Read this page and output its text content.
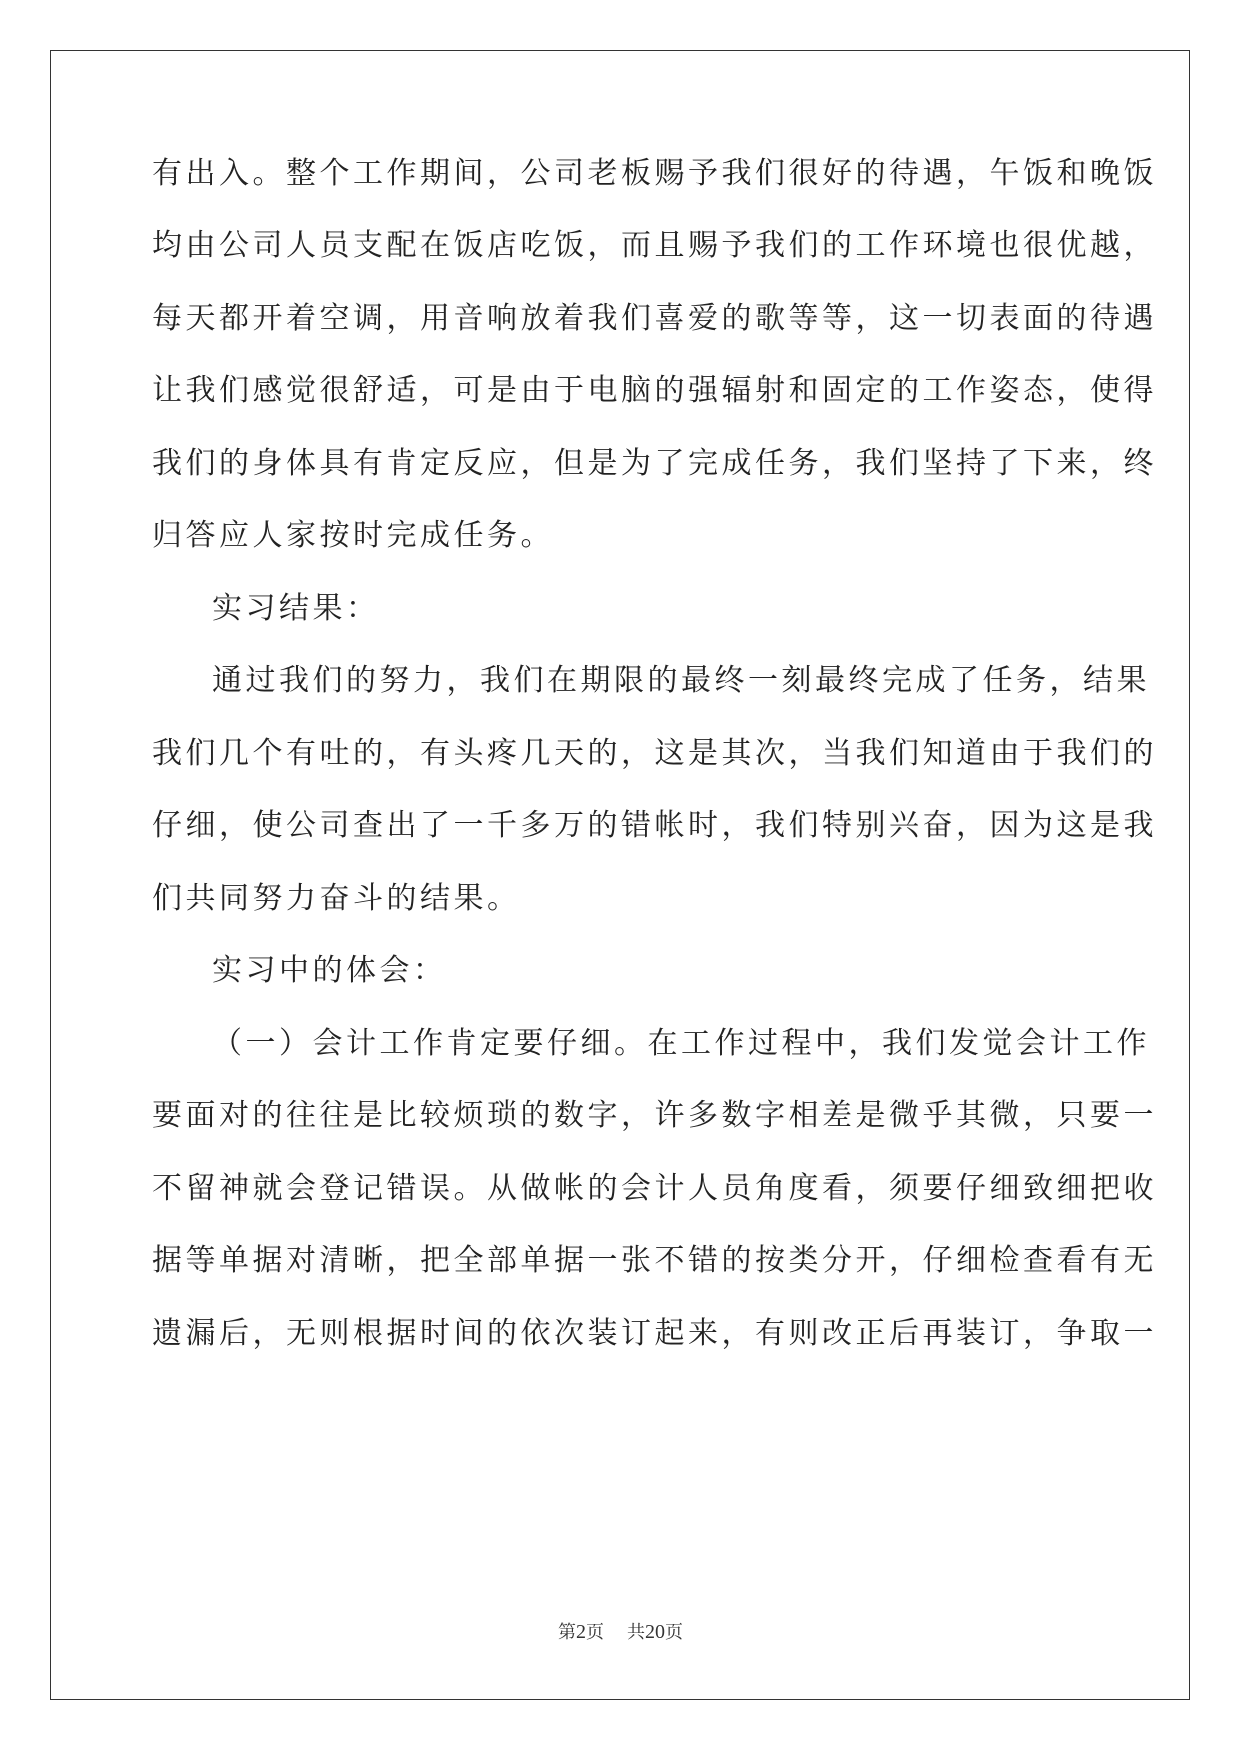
有出入。整个工作期间，公司老板赐予我们很好的待遇，午饭和晚饭
均由公司人员支配在饭店吃饭，而且赐予我们的工作环境也很优越，
每天都开着空调，用音响放着我们喜爱的歌等等，这一切表面的待遇
让我们感觉很舒适，可是由于电脑的强辐射和固定的工作姿态，使得
我们的身体具有肯定反应，但是为了完成任务，我们坚持了下来，终
归答应人家按时完成任务。
实习结果：
通过我们的努力，我们在期限的最终一刻最终完成了任务，结果
我们几个有吐的，有头疼几天的，这是其次，当我们知道由于我们的
仔细，使公司查出了一千多万的错帐时，我们特别兴奋，因为这是我
们共同努力奋斗的结果。
实习中的体会：
（一）会计工作肯定要仔细。在工作过程中，我们发觉会计工作
要面对的往往是比较烦琐的数字，许多数字相差是微乎其微，只要一
不留神就会登记错误。从做帐的会计人员角度看，须要仔细致细把收
据等单据对清晰，把全部单据一张不错的按类分开，仔细检查看有无
遗漏后，无则根据时间的依次装订起来，有则改正后再装订，争取一
第2页 共20页
